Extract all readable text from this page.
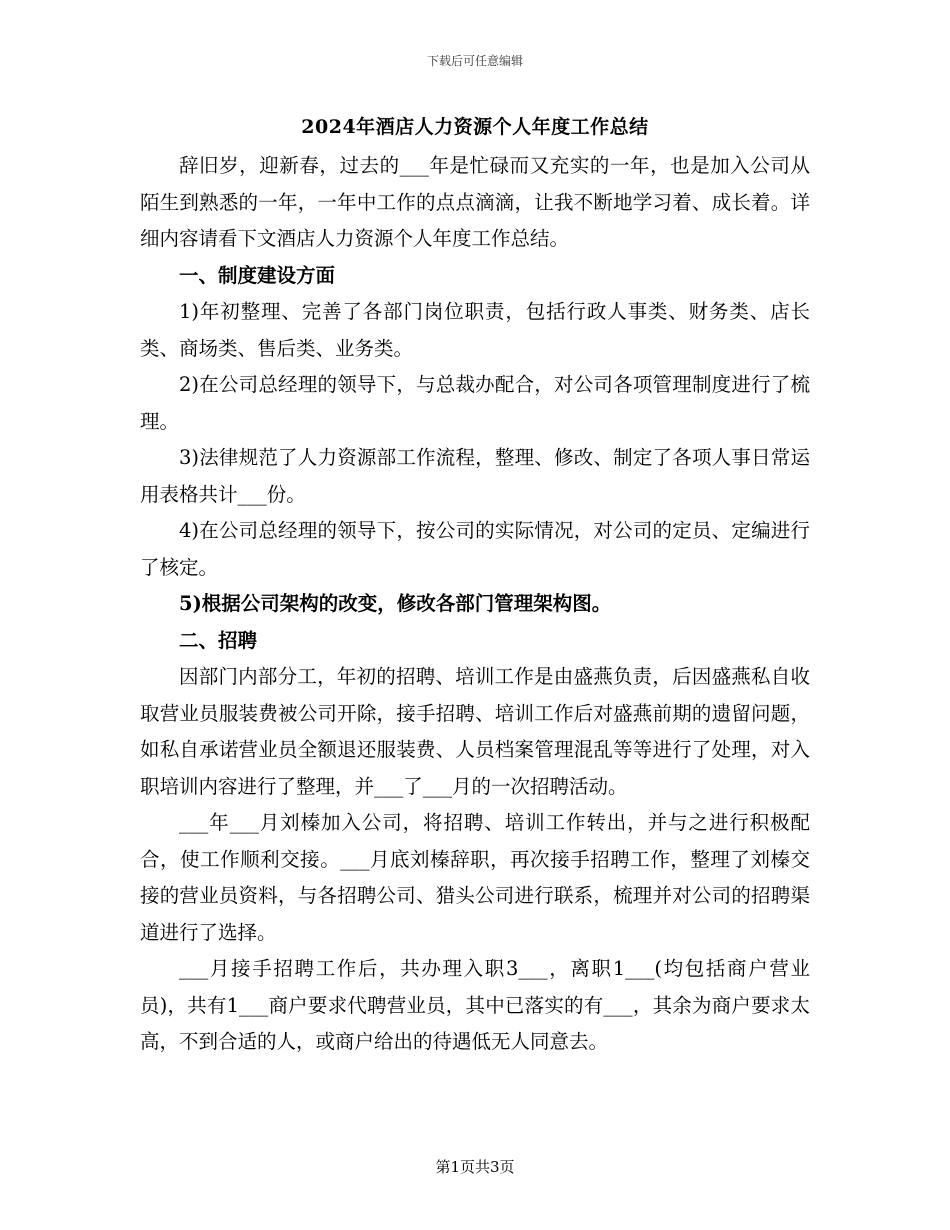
下载后可任意编辑
2024年酒店人力资源个人年度工作总结

辞旧岁，迎新春，过去的___年是忙碌而又充实的一年，也是加入公司从陌生到熟悉的一年，一年中工作的点点滴滴，让我不断地学习着、成长着。详细内容请看下文酒店人力资源个人年度工作总结。

一、制度建设方面

1)年初整理、完善了各部门岗位职责，包括行政人事类、财务类、店长类、商场类、售后类、业务类。

2)在公司总经理的领导下，与总裁办配合，对公司各项管理制度进行了梳理。

3)法律规范了人力资源部工作流程，整理、修改、制定了各项人事日常运用表格共计___份。

4)在公司总经理的领导下，按公司的实际情况，对公司的定员、定编进行了核定。

5)根据公司架构的改变，修改各部门管理架构图。

二、招聘

因部门内部分工，年初的招聘、培训工作是由盛燕负责，后因盛燕私自收取营业员服装费被公司开除，接手招聘、培训工作后对盛燕前期的遗留问题，如私自承诺营业员全额退还服装费、人员档案管理混乱等等进行了处理，对入职培训内容进行了整理，并___了___月的一次招聘活动。

___年___月刘榛加入公司，将招聘、培训工作转出，并与之进行积极配合，使工作顺利交接。___月底刘榛辞职，再次接手招聘工作，整理了刘榛交接的营业员资料，与各招聘公司、猎头公司进行联系，梳理并对公司的招聘渠道进行了选择。

___月接手招聘工作后，共办理入职3___，离职1___(均包括商户营业员)，共有1___商户要求代聘营业员，其中已落实的有___，其余为商户要求太高，不到合适的人，或商户给出的待遇低无人同意去。

第1页共3页
